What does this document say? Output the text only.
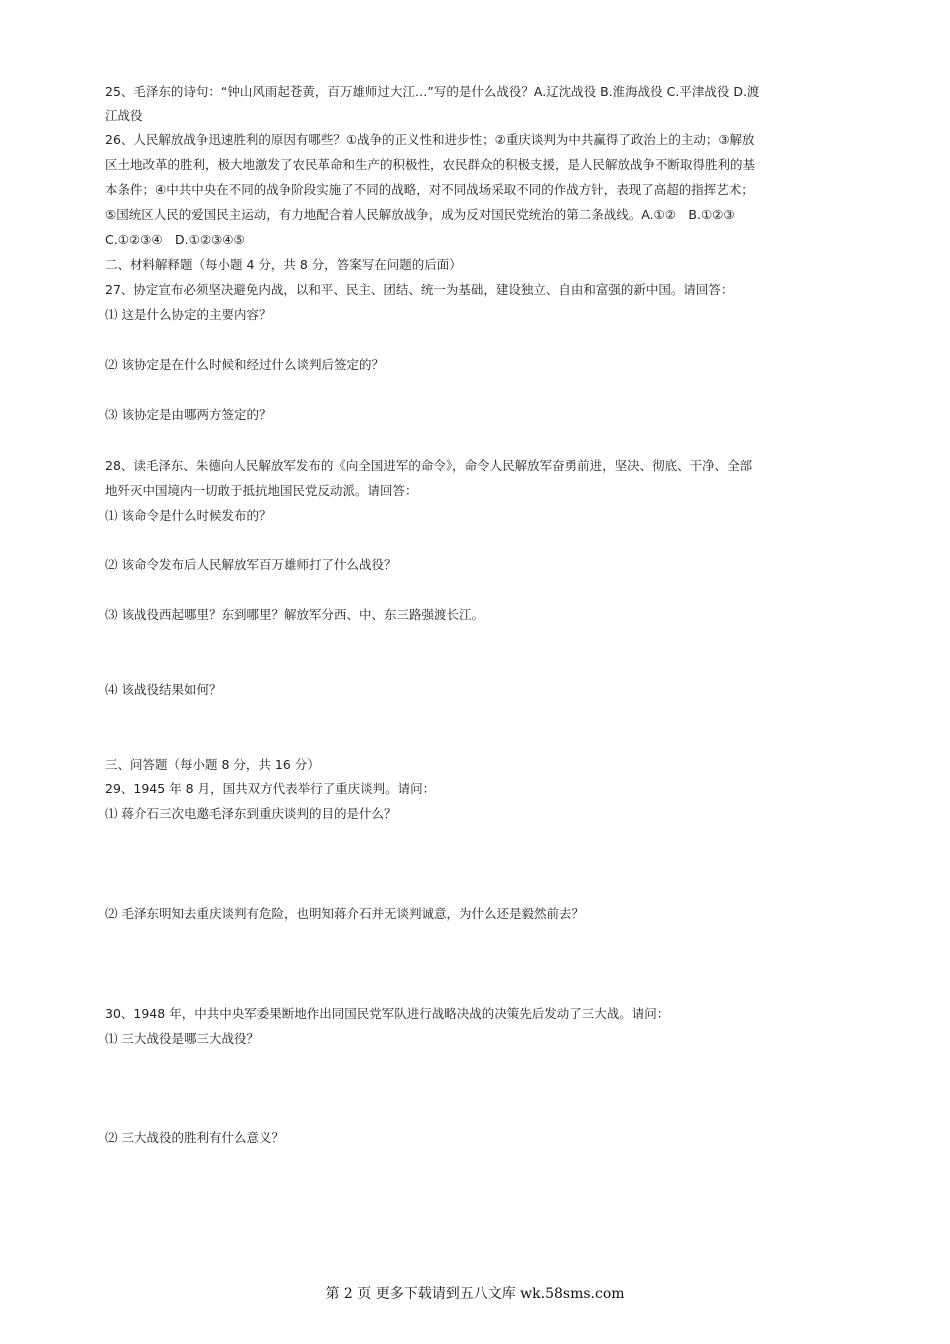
25、毛泽东的诗句：“钟山风雨起苍黄，百万雄师过大江…”写的是什么战役？A.辽沈战役 B.淮海战役 C.平津战役 D.渡
江战役
26、人民解放战争迅速胜利的原因有哪些？①战争的正义性和进步性；②重庆谈判为中共赢得了政治上的主动；③解放
区土地改革的胜利，极大地激发了农民革命和生产的积极性，农民群众的积极支援，是人民解放战争不断取得胜利的基
本条件；④中共中央在不同的战争阶段实施了不同的战略，对不同战场采取不同的作战方针，表现了高超的指挥艺术；
⑤国统区人民的爱国民主运动，有力地配合着人民解放战争，成为反对国民党统治的第二条战线。A.①②　B.①②③
C.①②③④　D.①②③④⑤
二、材料解释题（每小题 4 分，共 8 分，答案写在问题的后面）
27、协定宣布必须坚决避免内战，以和平、民主、团结、统一为基础，建设独立、自由和富强的新中国。请回答：
⑴ 这是什么协定的主要内容？
⑵ 该协定是在什么时候和经过什么谈判后签定的？
⑶ 该协定是由哪两方签定的？
28、读毛泽东、朱德向人民解放军发布的《向全国进军的命令》，命令人民解放军奋勇前进，坚决、彻底、干净、全部
地歼灭中国境内一切敢于抵抗地国民党反动派。请回答：
⑴ 该命令是什么时候发布的？
⑵ 该命令发布后人民解放军百万雄师打了什么战役？
⑶ 该战役西起哪里？东到哪里？解放军分西、中、东三路强渡长江。
⑷ 该战役结果如何？
三、问答题（每小题 8 分，共 16 分）
29、1945 年 8 月，国共双方代表举行了重庆谈判。请问：
⑴ 蒋介石三次电邀毛泽东到重庆谈判的目的是什么？
⑵ 毛泽东明知去重庆谈判有危险，也明知蒋介石并无谈判诚意，为什么还是毅然前去？
30、1948 年，中共中央军委果断地作出同国民党军队进行战略决战的决策先后发动了三大战。请问：
⑴ 三大战役是哪三大战役？
⑵ 三大战役的胜利有什么意义？
第 2 页 更多下载请到五八文库 wk.58sms.com
